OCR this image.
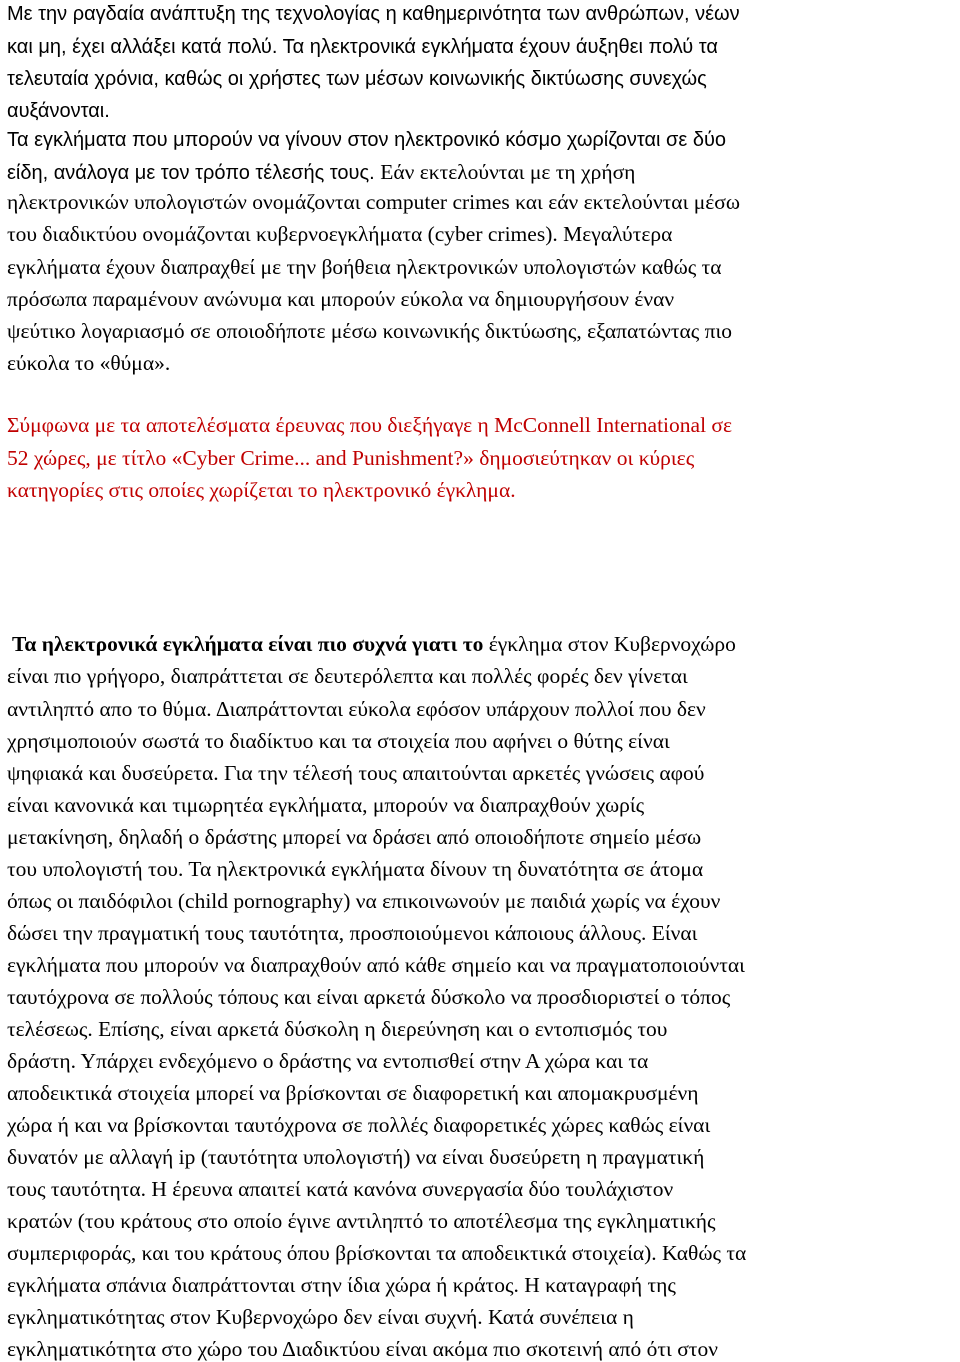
Με την ραγδαία ανάπτυξη της τεχνολογίας η καθημερινότητα των ανθρώπων, νέων
και μη, έχει αλλάξει κατά πολύ. Τα ηλεκτρονικά εγκλήματα έχουν άυξηθει πολύ τα
τελευταία χρόνια, καθώς οι χρήστες των μέσων κοινωνικής δικτύωσης συνεχώς
αυξάνονται.
Τα εγκλήματα που μπορούν να γίνουν στον ηλεκτρονικό κόσμο χωρίζονται σε δύο
είδη, ανάλογα με τον τρόπο τέλεσής τους. Εάν εκτελούνται με τη χρήση
ηλεκτρονικών υπολογιστών ονομάζονται computer crimes και εάν εκτελούνται μέσω
του διαδικτύου ονομάζονται κυβερνοεγκλήματα (cyber crimes). Μεγαλύτερα
εγκλήματα έχουν διαπραχθεί με την βοήθεια ηλεκτρονικών υπολογιστών καθώς τα
πρόσωπα παραμένουν ανώνυμα και μπορούν εύκολα να δημιουργήσουν έναν
ψεύτικο λογαριασμό σε οποιοδήποτε μέσω κοινωνικής δικτύωσης, εξαπατώντας πιο
εύκολα το «θύμα».
Σύμφωνα με τα αποτελέσματα έρευνας που διεξήγαγε η McConnell International σε
52 χώρες, με τίτλο «Cyber Crime... and Punishment?» δημοσιεύτηκαν οι κύριες
κατηγορίες στις οποίες χωρίζεται το ηλεκτρονικό έγκλημα.
Τα ηλεκτρονικά εγκλήματα είναι πιο συχνά γιατι το έγκλημα στον Κυβερνοχώρο
είναι πιο γρήγορο, διαπράττεται σε δευτερόλεπτα και πολλές φορές δεν γίνεται
αντιληπτό απο το θύμα. Διαπράττονται εύκολα εφόσον υπάρχουν πολλοί που δεν
χρησιμοποιούν σωστά το διαδίκτυο και τα στοιχεία που αφήνει ο θύτης είναι
ψηφιακά και δυσεύρετα. Για την τέλεσή τους απαιτούνται αρκετές γνώσεις αφού
είναι κανονικά και τιμωρητέα εγκλήματα, μπορούν να διαπραχθούν χωρίς
μετακίνηση, δηλαδή ο δράστης μπορεί να δράσει από οποιοδήποτε σημείο μέσω
του υπολογιστή του. Τα ηλεκτρονικά εγκλήματα δίνουν τη δυνατότητα σε άτομα
όπως οι παιδόφιλοι (child pornography) να επικοινωνούν με παιδιά χωρίς να έχουν
δώσει την πραγματική τους ταυτότητα, προσποιούμενοι κάποιους άλλους. Είναι
εγκλήματα που μπορούν να διαπραχθούν από κάθε σημείο και να πραγματοποιούνται
ταυτόχρονα σε πολλούς τόπους και είναι αρκετά δύσκολο να προσδιοριστεί ο τόπος
τελέσεως. Επίσης, είναι αρκετά δύσκολη η διερεύνηση και ο εντοπισμός του
δράστη. Υπάρχει ενδεχόμενο ο δράστης να εντοπισθεί στην Α χώρα και τα
αποδεικτικά στοιχεία μπορεί να βρίσκονται σε διαφορετική και απομακρυσμένη
χώρα ή και να βρίσκονται ταυτόχρονα σε πολλές διαφορετικές χώρες καθώς είναι
δυνατόν με αλλαγή ip (ταυτότητα υπολογιστή) να είναι δυσεύρετη η πραγματική
τους ταυτότητα. Η έρευνα απαιτεί κατά κανόνα συνεργασία δύο τουλάχιστον
κρατών (του κράτους στο οποίο έγινε αντιληπτό το αποτέλεσμα της εγκληματικής
συμπεριφοράς, και του κράτους όπου βρίσκονται τα αποδεικτικά στοιχεία). Καθώς τα
εγκλήματα σπάνια διαπράττονται στην ίδια χώρα ή κράτος. Η καταγραφή της
εγκληματικότητας στον Κυβερνοχώρο δεν είναι συχνή. Κατά συνέπεια η
εγκληματικότητα στο χώρο του Διαδικτύου είναι ακόμα πιο σκοτεινή από ότι στον
